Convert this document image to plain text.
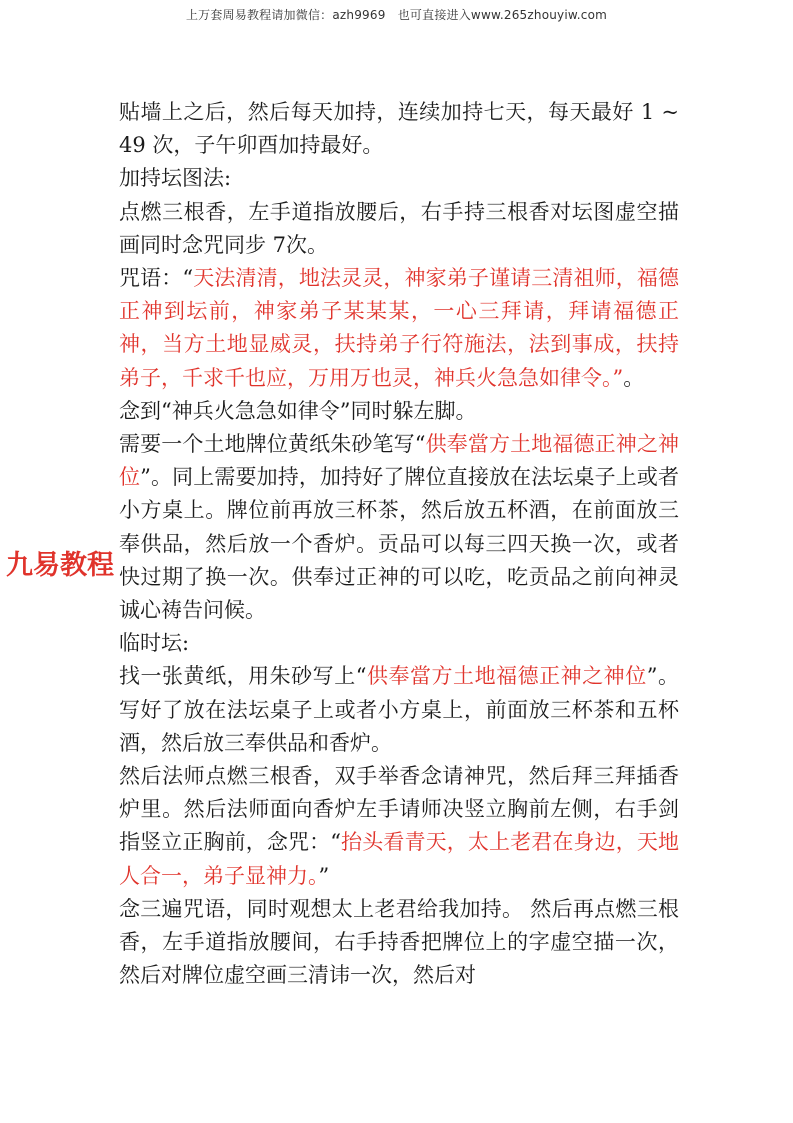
上万套周易教程请加微信：azh9969　也可直接进入www.265zhouyiw.com

贴墙上之后，然后每天加持，连续加持七天，每天最好 1 ~ 49 次，子午卯酉加持最好。

加持坛图法:

点燃三根香，左手道指放腰后，右手持三根香对坛图虚空描画同时念咒同步 7次。

咒语：“天法清清，地法灵灵，神家弟子谨请三清祖师，福德正神到坛前，神家弟子某某某，一心三拜请，拜请福德正神，当方土地显威灵，扶持弟子行符施法，法到事成，扶持弟子，千求千也应，万用万也灵，神兵火急急如律令。”。

念到“神兵火急急如律令”同时躲左脚。

需要一个土地牌位黄纸朱砂笔写“供奉當方土地福德正神之神位”。同上需要加持，加持好了牌位直接放在法坛桌子上或者小方桌上。牌位前再放三杯茶，然后放五杯酒，在前面放三奉供品，然后放一个香炉。贡品可以每三四天换一次，或者快过期了换一次。供奉过正神的可以吃，吃贡品之前向神灵诚心祷告问候。

临时坛:

找一张黄纸，用朱砂写上“供奉當方土地福德正神之神位”。 写好了放在法坛桌子上或者小方桌上，前面放三杯茶和五杯酒，然后放三奉供品和香炉。

然后法师点燃三根香，双手举香念请神咒，然后拜三拜插香炉里。然后法师面向香炉左手请师决竖立胸前左侧，右手剑指竖立正胸前，念咒：“抬头看青天，太上老君在身边，天地人合一，弟子显神力。”

念三遍咒语，同时观想太上老君给我加持。 然后再点燃三根香，左手道指放腰间，右手持香把牌位上的字虚空描一次，然后对牌位虚空画三清讳一次，然后对

九易教程
